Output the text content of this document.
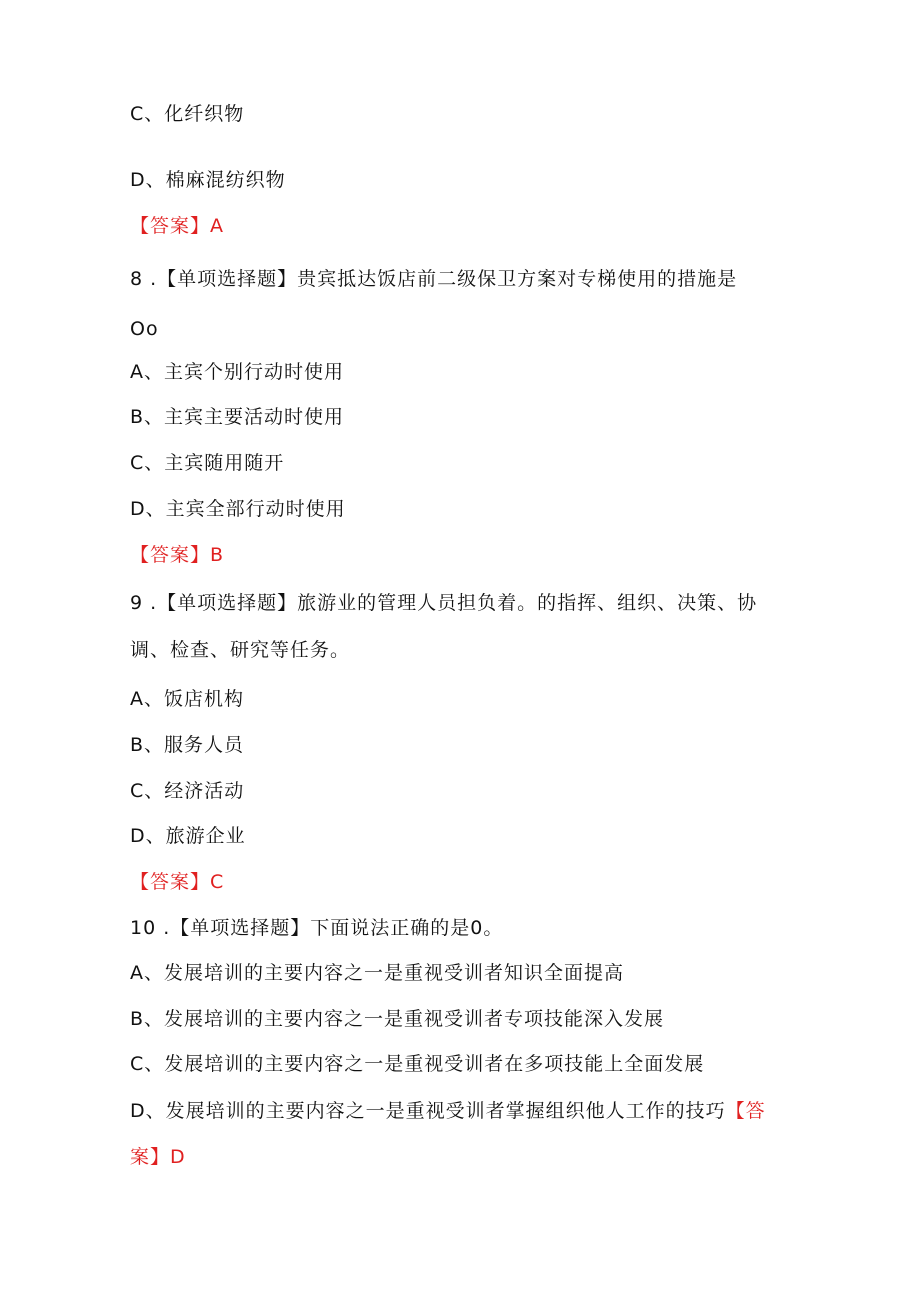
C、化纤织物
D、棉麻混纺织物
【答案】A
8 .【单项选择题】贵宾抵达饭店前二级保卫方案对专梯使用的措施是
Oo
A、主宾个别行动时使用
B、主宾主要活动时使用
C、主宾随用随开
D、主宾全部行动时使用
【答案】B
9 .【单项选择题】旅游业的管理人员担负着。的指挥、组织、决策、协
调、检查、研究等任务。
A、饭店机构
B、服务人员
C、经济活动
D、旅游企业
【答案】C
10 .【单项选择题】下面说法正确的是0。
A、发展培训的主要内容之一是重视受训者知识全面提高
B、发展培训的主要内容之一是重视受训者专项技能深入发展
C、发展培训的主要内容之一是重视受训者在多项技能上全面发展
D、发展培训的主要内容之一是重视受训者掌握组织他人工作的技巧【答
案】D
